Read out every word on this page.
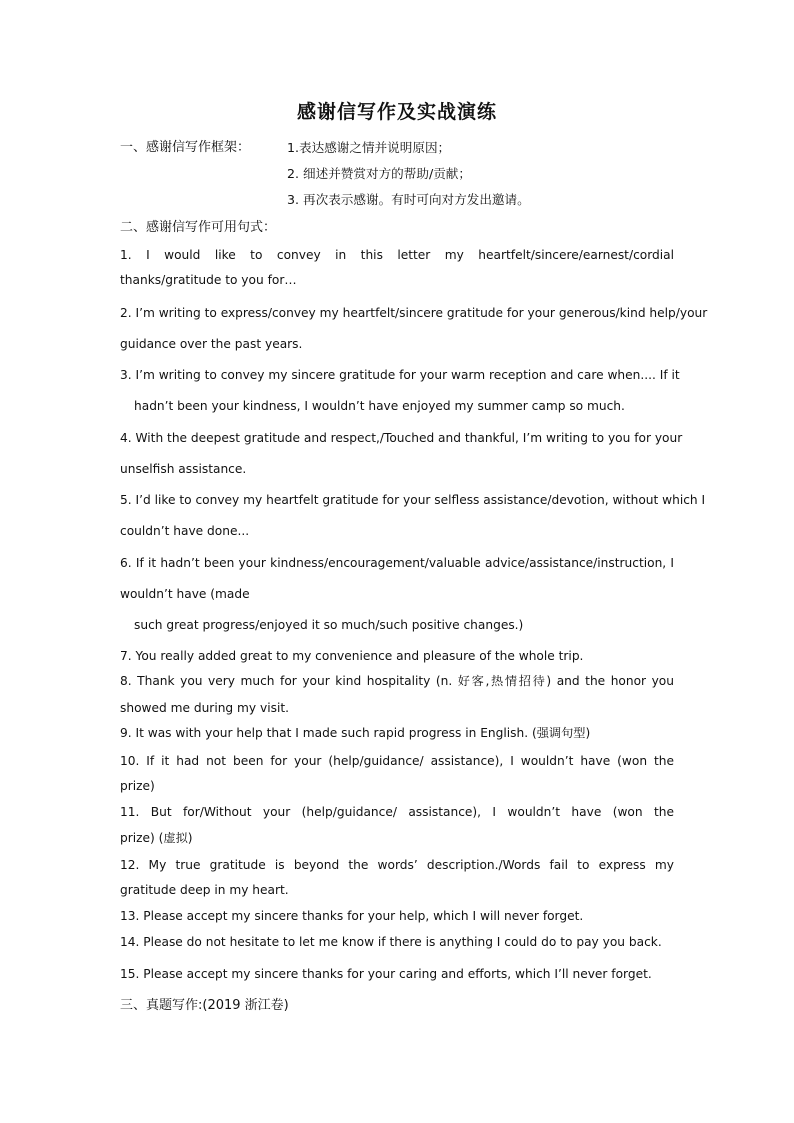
感谢信写作及实战演练
一、感谢信写作框架：	1.表达感谢之情并说明原因；
2. 细述并赞赏对方的帮助/贡献；
3. 再次表示感谢。有时可向对方发出邀请。
二、感谢信写作可用句式：
1. I would like to convey in this letter my heartfelt/sincere/earnest/cordial
thanks/gratitude to you for…
2. I’m writing to express/convey my heartfelt/sincere gratitude for your generous/kind help/your
guidance over the past years.
3. I’m writing to convey my sincere gratitude for your warm reception and care when.... If it
hadn’t been your kindness, I wouldn’t have enjoyed my summer camp so much.
4. With the deepest gratitude and respect,/Touched and thankful, I’m writing to you for your
unselfish assistance.
5. I’d like to convey my heartfelt gratitude for your selfless assistance/devotion, without which I
couldn’t have done...
6. If it hadn’t been your kindness/encouragement/valuable advice/assistance/instruction, I
wouldn’t have (made
such great progress/enjoyed it so much/such positive changes.)
7. You really added great to my convenience and pleasure of the whole trip.
8. Thank you very much for your kind hospitality (n. 好客,热情招待) and the honor you
showed me during my visit.
9. It was with your help that I made such rapid progress in English. (强调句型)
10. If it had not been for your (help/guidance/ assistance), I wouldn’t have (won the
prize)
11. But for/Without your (help/guidance/ assistance), I wouldn’t have (won the
prize) (虚拟)
12. My true gratitude is beyond the words’ description./Words fail to express my
gratitude deep in my heart.
13. Please accept my sincere thanks for your help, which I will never forget.
14. Please do not hesitate to let me know if there is anything I could do to pay you back.
15. Please accept my sincere thanks for your caring and efforts, which I’ll never forget.
三、真题写作:(2019 浙江卷)
